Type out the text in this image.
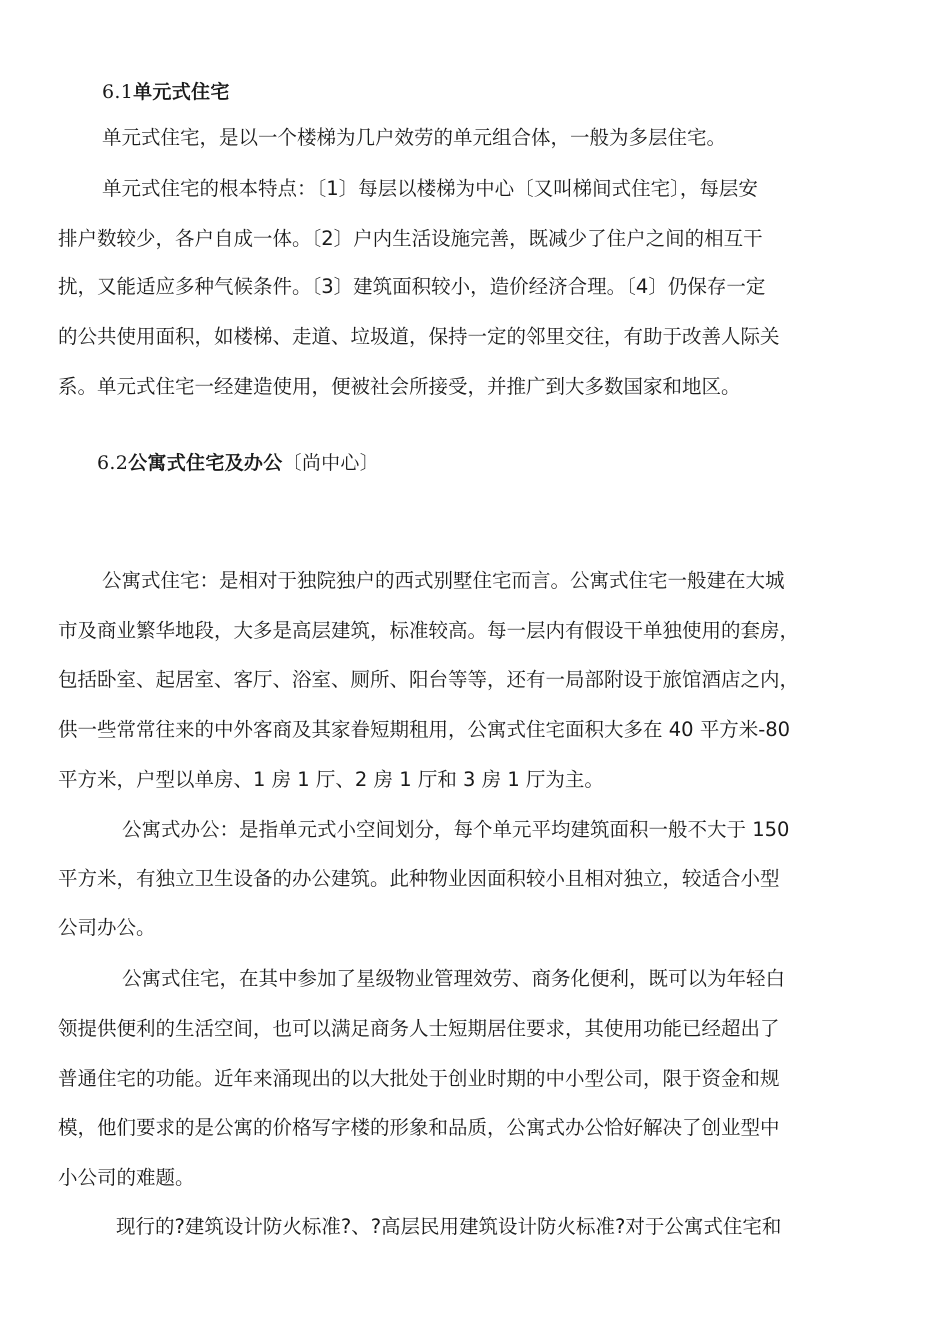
6.1单元式住宅
单元式住宅，是以一个楼梯为几户效劳的单元组合体，一般为多层住宅。
单元式住宅的根本特点：〔1〕每层以楼梯为中心〔又叫梯间式住宅〕，每层安
排户数较少，各户自成一体。〔2〕户内生活设施完善，既减少了住户之间的相互干
扰，又能适应多种气候条件。〔3〕建筑面积较小，造价经济合理。〔4〕仍保存一定
的公共使用面积，如楼梯、走道、垃圾道，保持一定的邻里交往，有助于改善人际关
系。单元式住宅一经建造使用，便被社会所接受，并推广到大多数国家和地区。
6.2公寓式住宅及办公〔尚中心〕
公寓式住宅：是相对于独院独户的西式别墅住宅而言。公寓式住宅一般建在大城
市及商业繁华地段，大多是高层建筑，标准较高。每一层内有假设干单独使用的套房，
包括卧室、起居室、客厅、浴室、厕所、阳台等等，还有一局部附设于旅馆酒店之内，
供一些常常往来的中外客商及其家眷短期租用，公寓式住宅面积大多在 40 平方米-80
平方米，户型以单房、1 房 1 厅、2 房 1 厅和 3 房 1 厅为主。
公寓式办公：是指单元式小空间划分，每个单元平均建筑面积一般不大于 150
平方米，有独立卫生设备的办公建筑。此种物业因面积较小且相对独立，较适合小型
公司办公。
公寓式住宅，在其中参加了星级物业管理效劳、商务化便利，既可以为年轻白
领提供便利的生活空间，也可以满足商务人士短期居住要求，其使用功能已经超出了
普通住宅的功能。近年来涌现出的以大批处于创业时期的中小型公司，限于资金和规
模，他们要求的是公寓的价格写字楼的形象和品质，公寓式办公恰好解决了创业型中
小公司的难题。
现行的?建筑设计防火标准?、?高层民用建筑设计防火标准?对于公寓式住宅和
